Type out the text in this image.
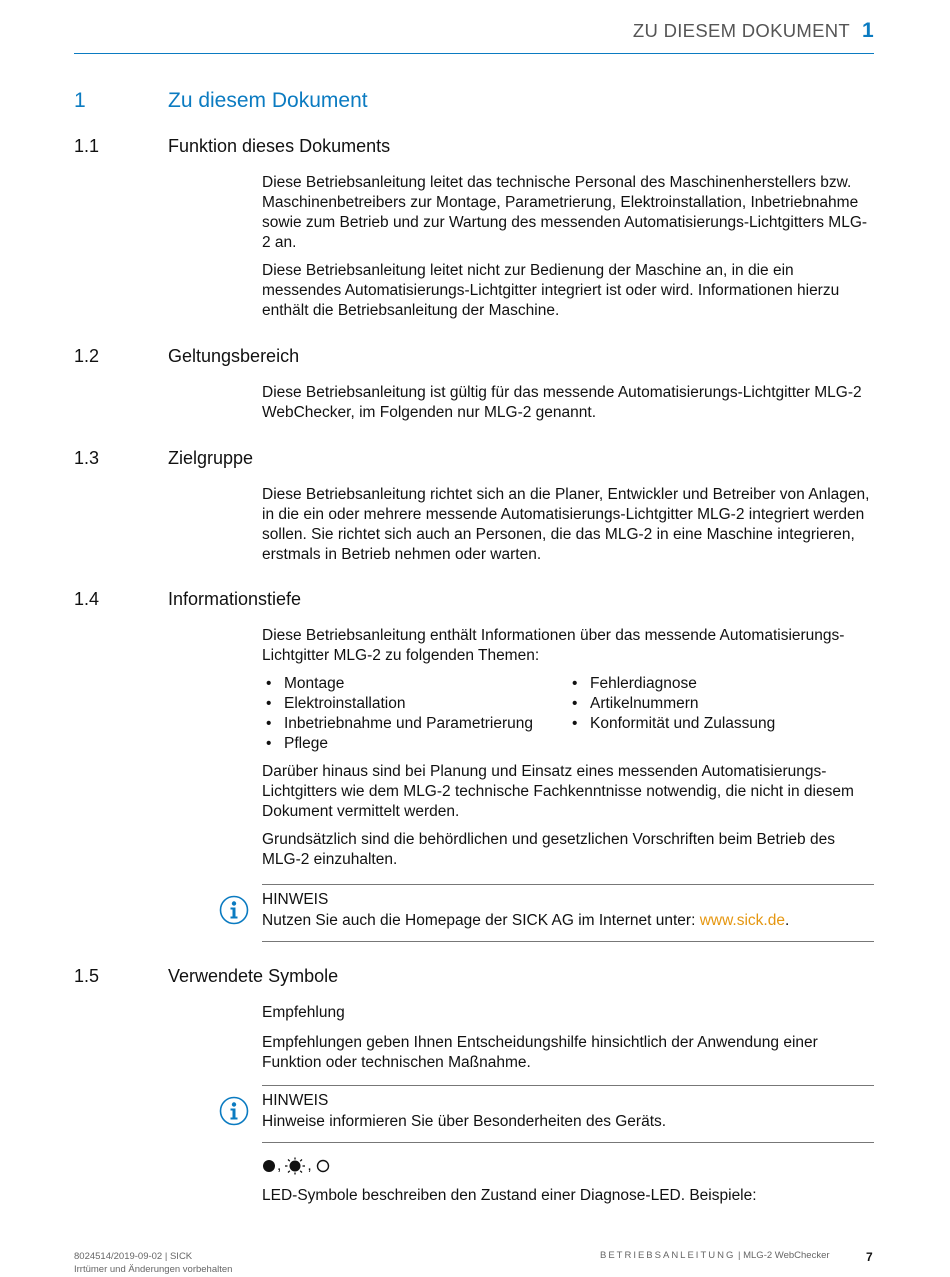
ZU DIESEM DOKUMENT 1
1	Zu diesem Dokument
1.1	Funktion dieses Dokuments

Diese Betriebsanleitung leitet das technische Personal des Maschinenherstellers bzw. Maschinenbetreibers zur Montage, Parametrierung, Elektroinstallation, Inbetriebnahme sowie zum Betrieb und zur Wartung des messenden Automatisierungs-Lichtgitters MLG-2 an.

Diese Betriebsanleitung leitet nicht zur Bedienung der Maschine an, in die ein messendes Automatisierungs-Lichtgitter integriert ist oder wird. Informationen hierzu enthält die Betriebsanleitung der Maschine.

1.2	Geltungsbereich

Diese Betriebsanleitung ist gültig für das messende Automatisierungs-Lichtgitter MLG-2 WebChecker, im Folgenden nur MLG-2 genannt.

1.3	Zielgruppe

Diese Betriebsanleitung richtet sich an die Planer, Entwickler und Betreiber von Anlagen, in die ein oder mehrere messende Automatisierungs-Lichtgitter MLG-2 integriert werden sollen. Sie richtet sich auch an Personen, die das MLG-2 in eine Maschine integrieren, erstmals in Betrieb nehmen oder warten.

1.4	Informationstiefe

Diese Betriebsanleitung enthält Informationen über das messende Automatisierungs-Lichtgitter MLG-2 zu folgenden Themen:

• Montage
• Elektroinstallation
• Inbetriebnahme und Parametrierung
• Pflege
• Fehlerdiagnose
• Artikelnummern
• Konformität und Zulassung

Darüber hinaus sind bei Planung und Einsatz eines messenden Automatisierungs-Lichtgitters wie dem MLG-2 technische Fachkenntnisse notwendig, die nicht in diesem Dokument vermittelt werden.

Grundsätzlich sind die behördlichen und gesetzlichen Vorschriften beim Betrieb des MLG-2 einzuhalten.

HINWEIS
Nutzen Sie auch die Homepage der SICK AG im Internet unter: www.sick.de.
1.5	Verwendete Symbole

Empfehlung

Empfehlungen geben Ihnen Entscheidungshilfe hinsichtlich der Anwendung einer Funktion oder technischen Maßnahme.

HINWEIS
Hinweise informieren Sie über Besonderheiten des Geräts.
, ,

LED-Symbole beschreiben den Zustand einer Diagnose-LED. Beispiele:

8024514/2019-09-02 | SICK
Irrtümer und Änderungen vorbehalten
BETRIEBSANLEITUNG | MLG-2 WebChecker	7
